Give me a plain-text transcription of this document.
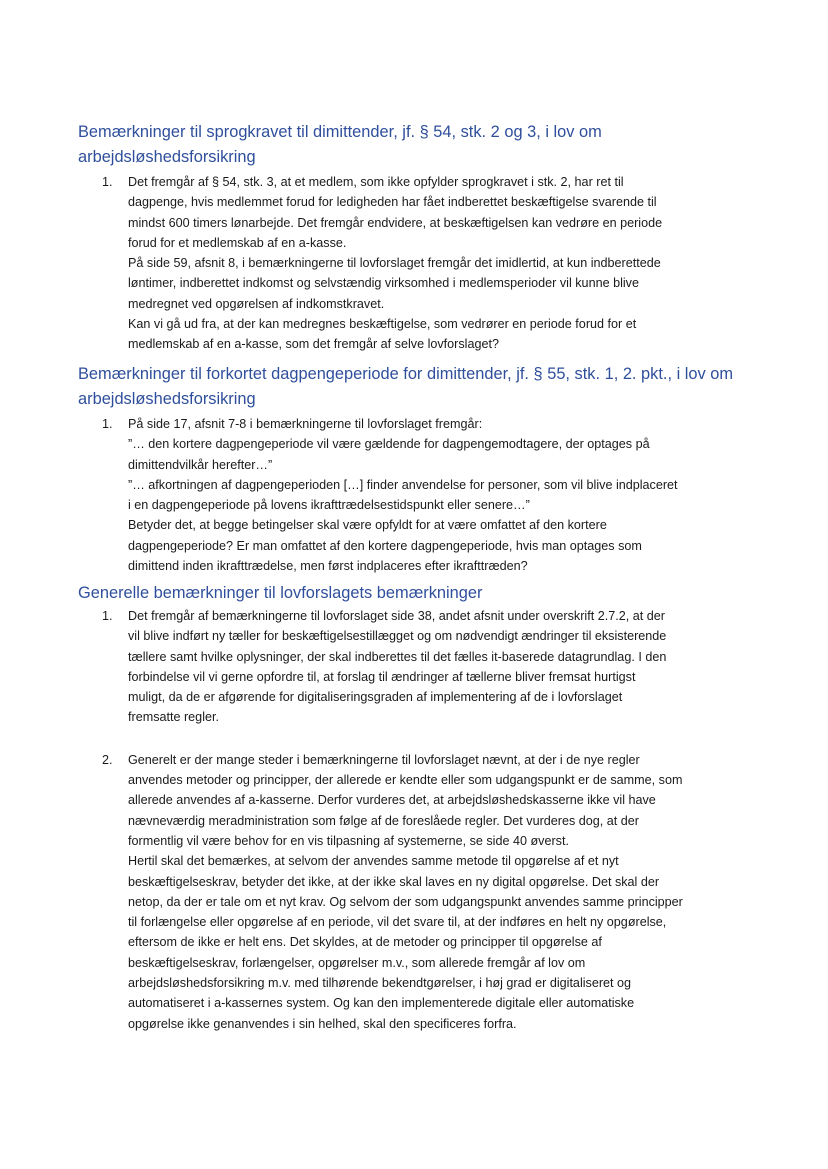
Bemærkninger til sprogkravet til dimittender, jf. § 54, stk. 2 og 3, i lov om arbejdsløshedsforsikring
1. Det fremgår af § 54, stk. 3, at et medlem, som ikke opfylder sprogkravet i stk. 2, har ret til
dagpenge, hvis medlemmet forud for ledigheden har fået indberettet beskæftigelse svarende til
mindst 600 timers lønarbejde. Det fremgår endvidere, at beskæftigelsen kan vedrøre en periode
forud for et medlemskab af en a-kasse.

På side 59, afsnit 8, i bemærkningerne til lovforslaget fremgår det imidlertid, at kun indberettede
løntimer, indberettet indkomst og selvstændig virksomhed i medlemsperioder vil kunne blive
medregnet ved opgørelsen af indkomstkravet.

Kan vi gå ud fra, at der kan medregnes beskæftigelse, som vedrører en periode forud for et
medlemskab af en a-kasse, som det fremgår af selve lovforslaget?

Bemærkninger til forkortet dagpengeperiode for dimittender, jf. § 55, stk. 1, 2. pkt., i lov om arbejdsløshedsforsikring
1. På side 17, afsnit 7-8 i bemærkningerne til lovforslaget fremgår:

”… den kortere dagpengeperiode vil være gældende for dagpengemodtagere, der optages på
dimittendvilkår herefter…”

”… afkortningen af dagpengeperioden […] finder anvendelse for personer, som vil blive indplaceret
i en dagpengeperiode på lovens ikrafttrædelsestidspunkt eller senere…”

Betyder det, at begge betingelser skal være opfyldt for at være omfattet af den kortere
dagpengeperiode? Er man omfattet af den kortere dagpengeperiode, hvis man optages som
dimittend inden ikrafttrædelse, men først indplaceres efter ikrafttræden?

Generelle bemærkninger til lovforslagets bemærkninger
1. Det fremgår af bemærkningerne til lovforslaget side 38, andet afsnit under overskrift 2.7.2, at der
vil blive indført ny tæller for beskæftigelsestillægget og om nødvendigt ændringer til eksisterende
tællere samt hvilke oplysninger, der skal indberettes til det fælles it-baserede datagrundlag. I den
forbindelse vil vi gerne opfordre til, at forslag til ændringer af tællerne bliver fremsat hurtigst
muligt, da de er afgørende for digitaliseringsgraden af implementering af de i lovforslaget
fremsatte regler.

2. Generelt er der mange steder i bemærkningerne til lovforslaget nævnt, at der i de nye regler
anvendes metoder og principper, der allerede er kendte eller som udgangspunkt er de samme, som
allerede anvendes af a-kasserne. Derfor vurderes det, at arbejdsløshedskasserne ikke vil have
nævneværdig meradministration som følge af de foreslåede regler. Det vurderes dog, at der
formentlig vil være behov for en vis tilpasning af systemerne, se side 40 øverst.

Hertil skal det bemærkes, at selvom der anvendes samme metode til opgørelse af et nyt
beskæftigelseskrav, betyder det ikke, at der ikke skal laves en ny digital opgørelse. Det skal der
netop, da der er tale om et nyt krav. Og selvom der som udgangspunkt anvendes samme principper
til forlængelse eller opgørelse af en periode, vil det svare til, at der indføres en helt ny opgørelse,
eftersom de ikke er helt ens. Det skyldes, at de metoder og principper til opgørelse af
beskæftigelseskrav, forlængelser, opgørelser m.v., som allerede fremgår af lov om
arbejdsløshedsforsikring m.v. med tilhørende bekendtgørelser, i høj grad er digitaliseret og
automatiseret i a-kassernes system. Og kan den implementerede digitale eller automatiske
opgørelse ikke genanvendes i sin helhed, skal den specificeres forfra.
